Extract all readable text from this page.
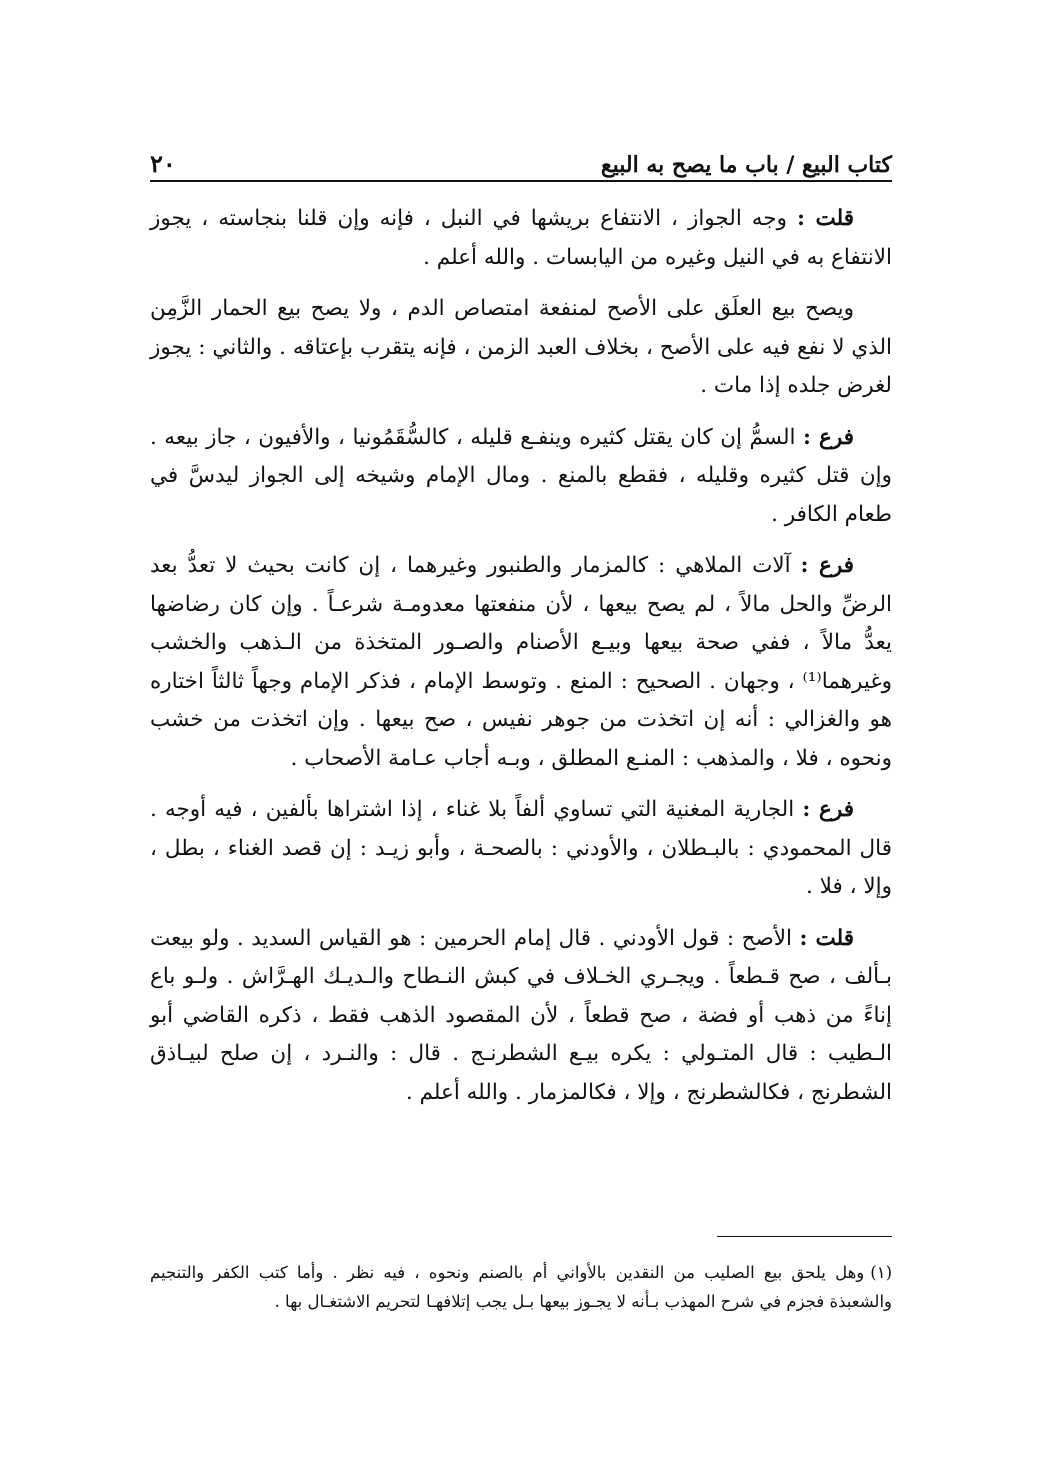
كتاب البيع / باب ما يصح به البيع
٢٠

قلت : وجه الجواز ، الانتفاع بريشها في النبل ، فإنه وإن قلنا بنجاسته ، يجوز الانتفاع به في النيل وغيره من اليابسات . والله أعلم .

ويصح بيع العلَق على الأصح لمنفعة امتصاص الدم ، ولا يصح بيع الحمار الزَّمِن الذي لا نفع فيه على الأصح ، بخلاف العبد الزمن ، فإنه يتقرب بإعتاقه . والثاني : يجوز لغرض جلده إذا مات .

فرع : السمُّ إن كان يقتل كثيره وينفـع قليله ، كالسُّقَمُونيا ، والأفيون ، جاز بيعه . وإن قتل كثيره وقليله ، فقطع بالمنع . ومال الإمام وشيخه إلى الجواز ليدسَّ في طعام الكافر .

فرع : آلات الملاهي : كالمزمار والطنبور وغيرهما ، إن كانت بحيث لا تعدُّ بعد الرضِّ والحل مالاً ، لم يصح بيعها ، لأن منفعتها معدومـة شرعـاً . وإن كان رضاضها يعدُّ مالاً ، ففي صحة بيعها وبيـع الأصنام والصـور المتخذة من الـذهب والخشب وغيرهما⁽¹⁾ ، وجهان . الصحيح : المنع . وتوسط الإمام ، فذكر الإمام وجهاً ثالثاً اختاره هو والغزالي : أنه إن اتخذت من جوهر نفيس ، صح بيعها . وإن اتخذت من خشب ونحوه ، فلا ، والمذهب : المنـع المطلق ، وبـه أجاب عـامة الأصحاب .

فرع : الجارية المغنية التي تساوي ألفاً بلا غناء ، إذا اشتراها بألفين ، فيه أوجه . قال المحمودي : بالبـطلان ، والأودني : بالصحـة ، وأبو زيـد : إن قصد الغناء ، بطل ، وإلا ، فلا .

قلت : الأصح : قول الأودني . قال إمام الحرمين : هو القياس السديد . ولو بيعت بـألف ، صح قـطعاً . ويجـري الخـلاف في كبش النـطاح والـديـك الهـرَّاش . ولـو باع إناءً من ذهب أو فضة ، صح قطعاً ، لأن المقصود الذهب فقط ، ذكره القاضي أبو الـطيب : قال المتـولي : يكره بيـع الشطرنـج . قال : والنـرد ، إن صلح لبيـاذق الشطرنج ، فكالشطرنج ، وإلا ، فكالمزمار . والله أعلم .

(١)وهل يلحق بيع الصليب من النقدين بالأواني أم بالصنم ونحوه ، فيه نظر . وأما كتب الكفر والتنجيم والشعبذة فجزم في شرح المهذب بـأنه لا يجـوز بيعها بـل يجب إتلافهـا لتحريم الاشتغـال بها .
